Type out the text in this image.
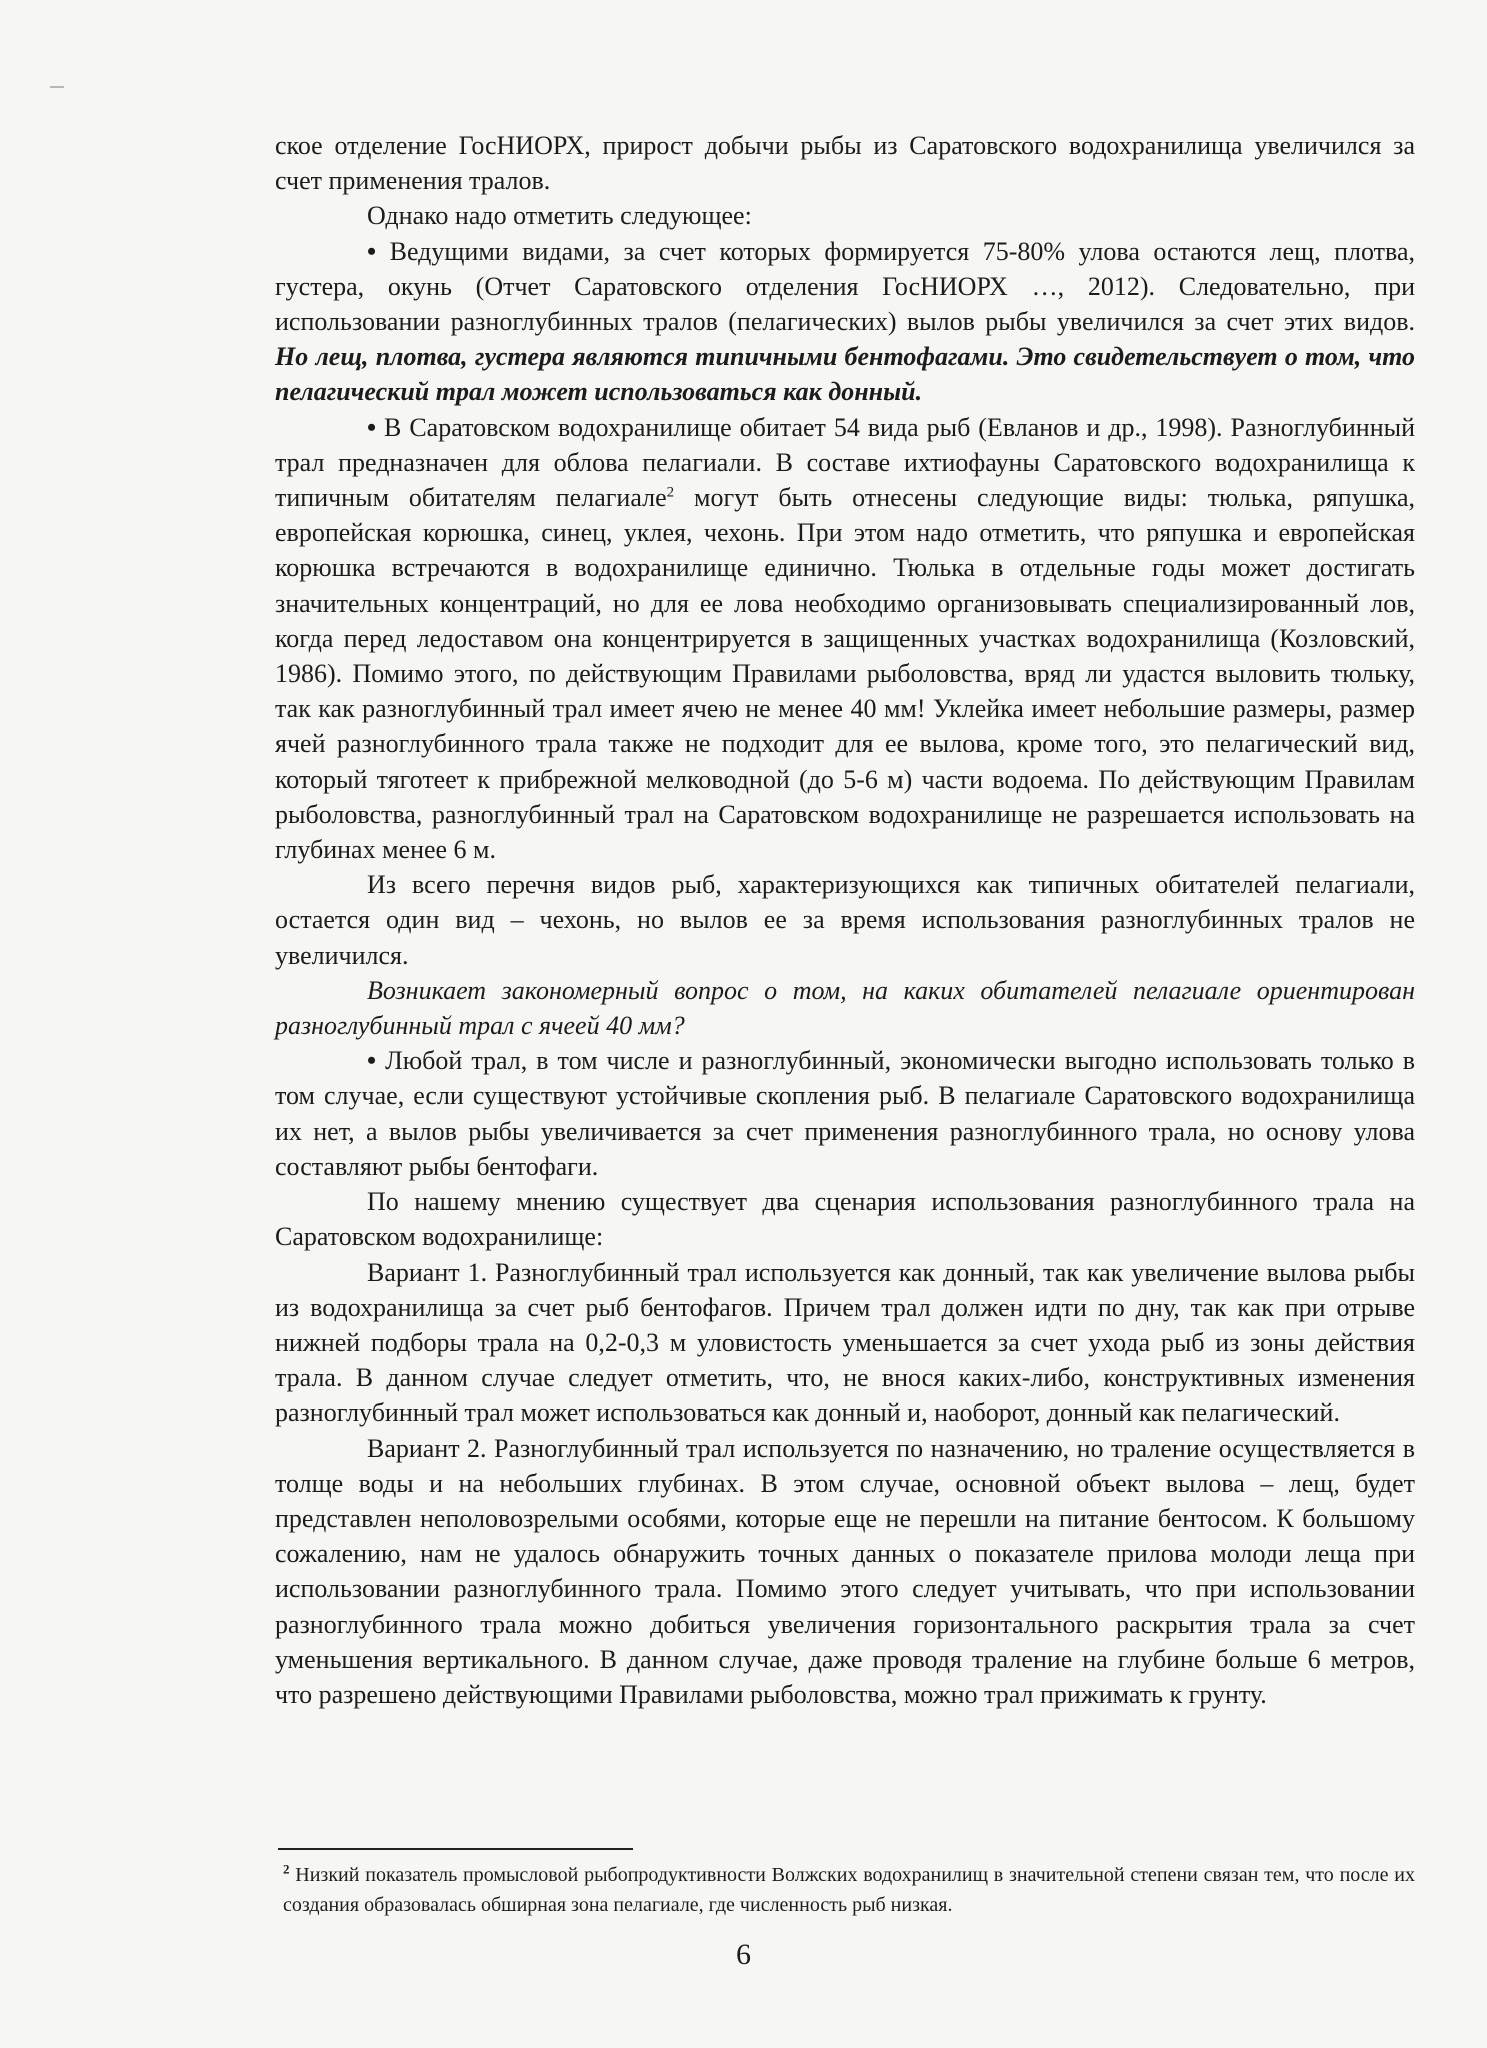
ское отделение ГосНИОРХ, прирост добычи рыбы из Саратовского водохранилища увеличился за счет применения тралов.

Однако надо отметить следующее:

• Ведущими видами, за счет которых формируется 75-80% улова остаются лещ, плотва, густера, окунь (Отчет Саратовского отделения ГосНИОРХ …, 2012). Следовательно, при использовании разноглубинных тралов (пелагических) вылов рыбы увеличился за счет этих видов. Но лещ, плотва, густера являются типичными бентофагами. Это свидетельствует о том, что пелагический трал может использоваться как донный.

• В Саратовском водохранилище обитает 54 вида рыб (Евланов и др., 1998). Разноглубинный трал предназначен для облова пелагиали. В составе ихтиофауны Саратовского водохранилища к типичным обитателям пелагиале$^2$ могут быть отнесены следующие виды: тюлька, ряпушка, европейская корюшка, синец, уклея, чехонь. При этом надо отметить, что ряпушка и европейская корюшка встречаются в водохранилище единично. Тюлька в отдельные годы может достигать значительных концентраций, но для ее лова необходимо организовывать специализированный лов, когда перед ледоставом она концентрируется в защищенных участках водохранилища (Козловский, 1986). Помимо этого, по действующим Правилами рыболовства, вряд ли удастся выловить тюльку, так как разноглубинный трал имеет ячею не менее 40 мм! Уклейка имеет небольшие размеры, размер ячей разноглубинного трала также не подходит для ее вылова, кроме того, это пелагический вид, который тяготеет к прибрежной мелководной (до 5-6 м) части водоема. По действующим Правилам рыболовства, разноглубинный трал на Саратовском водохранилище не разрешается использовать на глубинах менее 6 м.

Из всего перечня видов рыб, характеризующихся как типичных обитателей пелагиали, остается один вид – чехонь, но вылов ее за время использования разноглубинных тралов не увеличился.

Возникает закономерный вопрос о том, на каких обитателей пелагиале ориентирован разноглубинный трал с ячеей 40 мм?

• Любой трал, в том числе и разноглубинный, экономически выгодно использовать только в том случае, если существуют устойчивые скопления рыб. В пелагиале Саратовского водохранилища их нет, а вылов рыбы увеличивается за счет применения разноглубинного трала, но основу улова составляют рыбы бентофаги.

По нашему мнению существует два сценария использования разноглубинного трала на Саратовском водохранилище:

Вариант 1. Разноглубинный трал используется как донный, так как увеличение вылова рыбы из водохранилища за счет рыб бентофагов. Причем трал должен идти по дну, так как при отрыве нижней подборы трала на 0,2-0,3 м уловистость уменьшается за счет ухода рыб из зоны действия трала. В данном случае следует отметить, что, не внося каких-либо, конструктивных изменения разноглубинный трал может использоваться как донный и, наоборот, донный как пелагический.

Вариант 2. Разноглубинный трал используется по назначению, но траление осуществляется в толще воды и на небольших глубинах. В этом случае, основной объект вылова – лещ, будет представлен неполовозрелыми особями, которые еще не перешли на питание бентосом. К большому сожалению, нам не удалось обнаружить точных данных о показателе прилова молоди леща при использовании разноглубинного трала. Помимо этого следует учитывать, что при использовании разноглубинного трала можно добиться увеличения горизонтального раскрытия трала за счет уменьшения вертикального. В данном случае, даже проводя траление на глубине больше 6 метров, что разрешено действующими Правилами рыболовства, можно трал прижимать к грунту.

$^2$ Низкий показатель промысловой рыбопродуктивности Волжских водохранилищ в значительной степени связан тем, что после их создания образовалась обширная зона пелагиале, где численность рыб низкая.
6
